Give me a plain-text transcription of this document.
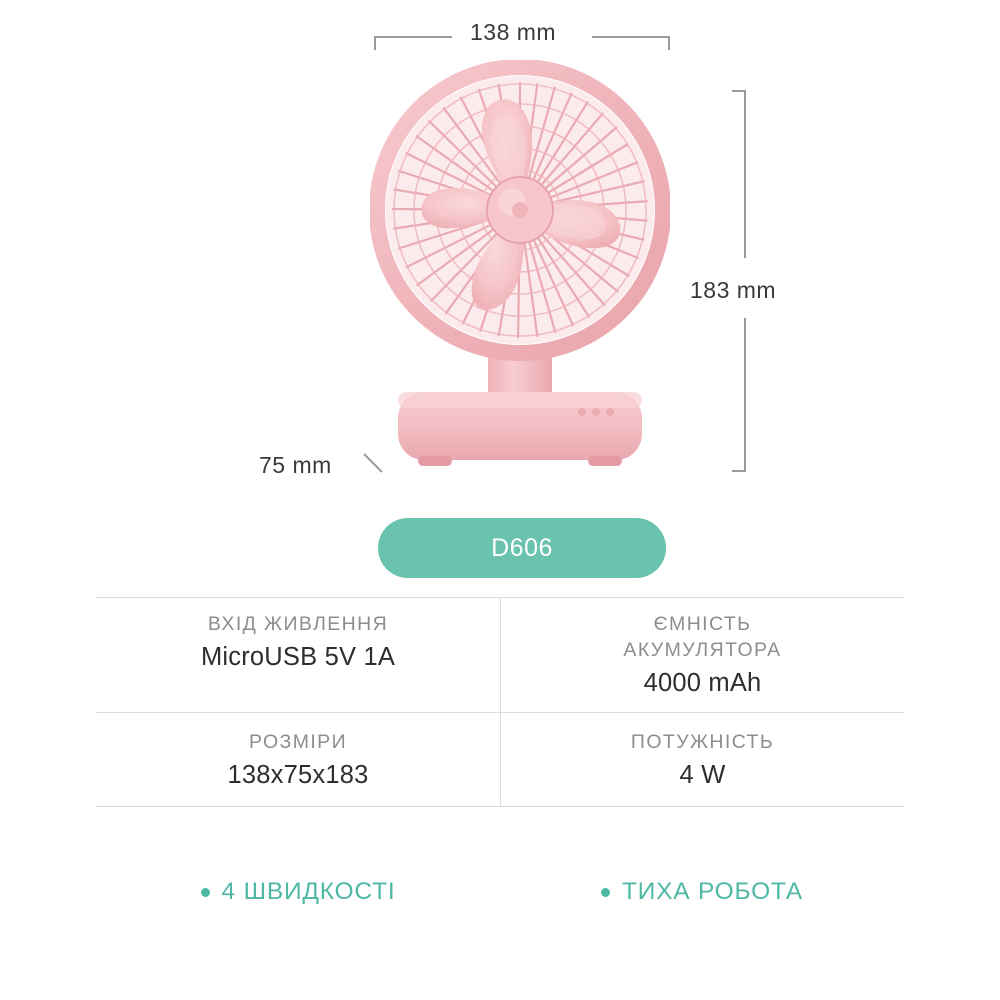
138 mm
183 mm
75 mm
D606
ВХІД ЖИВЛЕННЯ
MicroUSB 5V 1A
ЄМНІСТЬ
АКУМУЛЯТОРА
4000 mAh
РОЗМІРИ
138x75x183
ПОТУЖНІСТЬ
4 W
4 ШВИДКОСТІ	ТИХА РОБОТА
